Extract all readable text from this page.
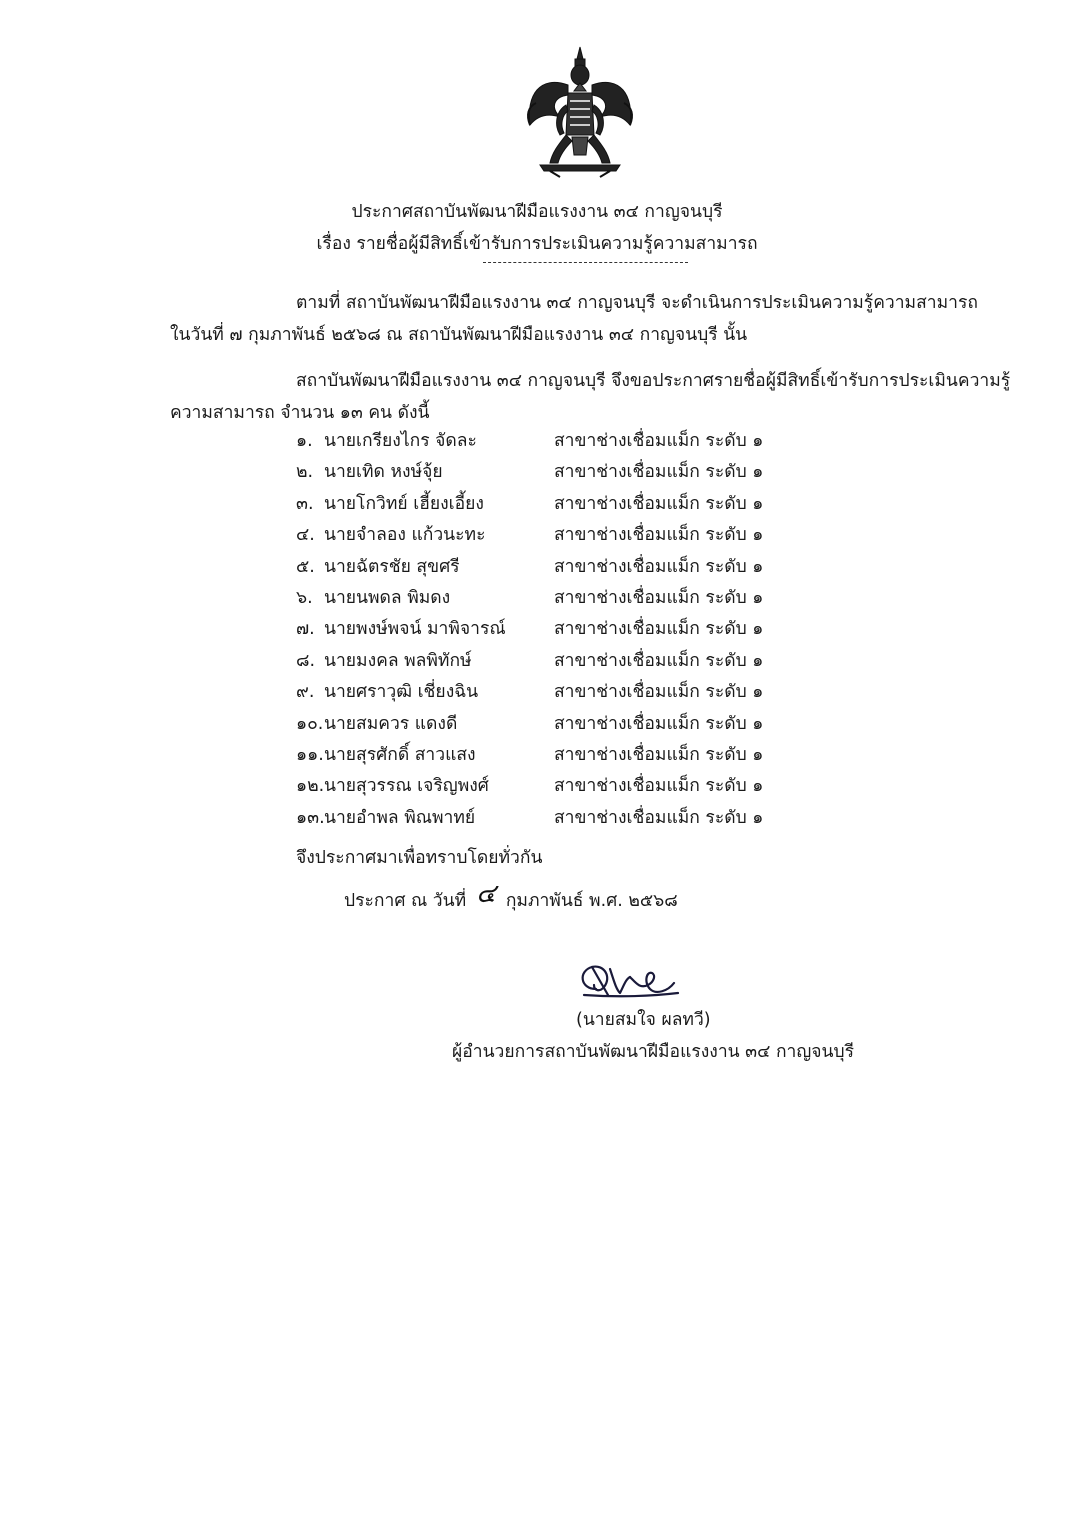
ประกาศสถาบันพัฒนาฝีมือแรงงาน ๓๔ กาญจนบุรี
เรื่อง รายชื่อผู้มีสิทธิ์เข้ารับการประเมินความรู้ความสามารถ
ตามที่ สถาบันพัฒนาฝีมือแรงงาน ๓๔ กาญจนบุรี จะดำเนินการประเมินความรู้ความสามารถ
ในวันที่ ๗ กุมภาพันธ์ ๒๕๖๘ ณ สถาบันพัฒนาฝีมือแรงงาน ๓๔ กาญจนบุรี นั้น
สถาบันพัฒนาฝีมือแรงงาน ๓๔ กาญจนบุรี จึงขอประกาศรายชื่อผู้มีสิทธิ์เข้ารับการประเมินความรู้
ความสามารถ จำนวน ๑๓ คน ดังนี้
๑. นายเกรียงไกร จัดละ	สาขาช่างเชื่อมแม็ก ระดับ ๑
๒. นายเทิด หงษ์จุ้ย	สาขาช่างเชื่อมแม็ก ระดับ ๑
๓. นายโกวิทย์ เฮี้ยงเอี้ยง	สาขาช่างเชื่อมแม็ก ระดับ ๑
๔. นายจำลอง แก้วนะทะ	สาขาช่างเชื่อมแม็ก ระดับ ๑
๕. นายฉัตรชัย สุขศรี	สาขาช่างเชื่อมแม็ก ระดับ ๑
๖. นายนพดล พิมดง	สาขาช่างเชื่อมแม็ก ระดับ ๑
๗. นายพงษ์พจน์ มาพิจารณ์	สาขาช่างเชื่อมแม็ก ระดับ ๑
๘. นายมงคล พลพิทักษ์	สาขาช่างเชื่อมแม็ก ระดับ ๑
๙. นายศราวุฒิ เชี่ยงฉิน	สาขาช่างเชื่อมแม็ก ระดับ ๑
๑๐. นายสมควร แดงดี	สาขาช่างเชื่อมแม็ก ระดับ ๑
๑๑. นายสุรศักดิ์ สาวแสง	สาขาช่างเชื่อมแม็ก ระดับ ๑
๑๒. นายสุวรรณ เจริญพงศ์	สาขาช่างเชื่อมแม็ก ระดับ ๑
๑๓. นายอำพล พิณพาทย์	สาขาช่างเชื่อมแม็ก ระดับ ๑
จึงประกาศมาเพื่อทราบโดยทั่วกัน
ประกาศ ณ วันที่ ๔ กุมภาพันธ์ พ.ศ. ๒๕๖๘
(นายสมใจ ผลทวี)
ผู้อำนวยการสถาบันพัฒนาฝีมือแรงงาน ๓๔ กาญจนบุรี
